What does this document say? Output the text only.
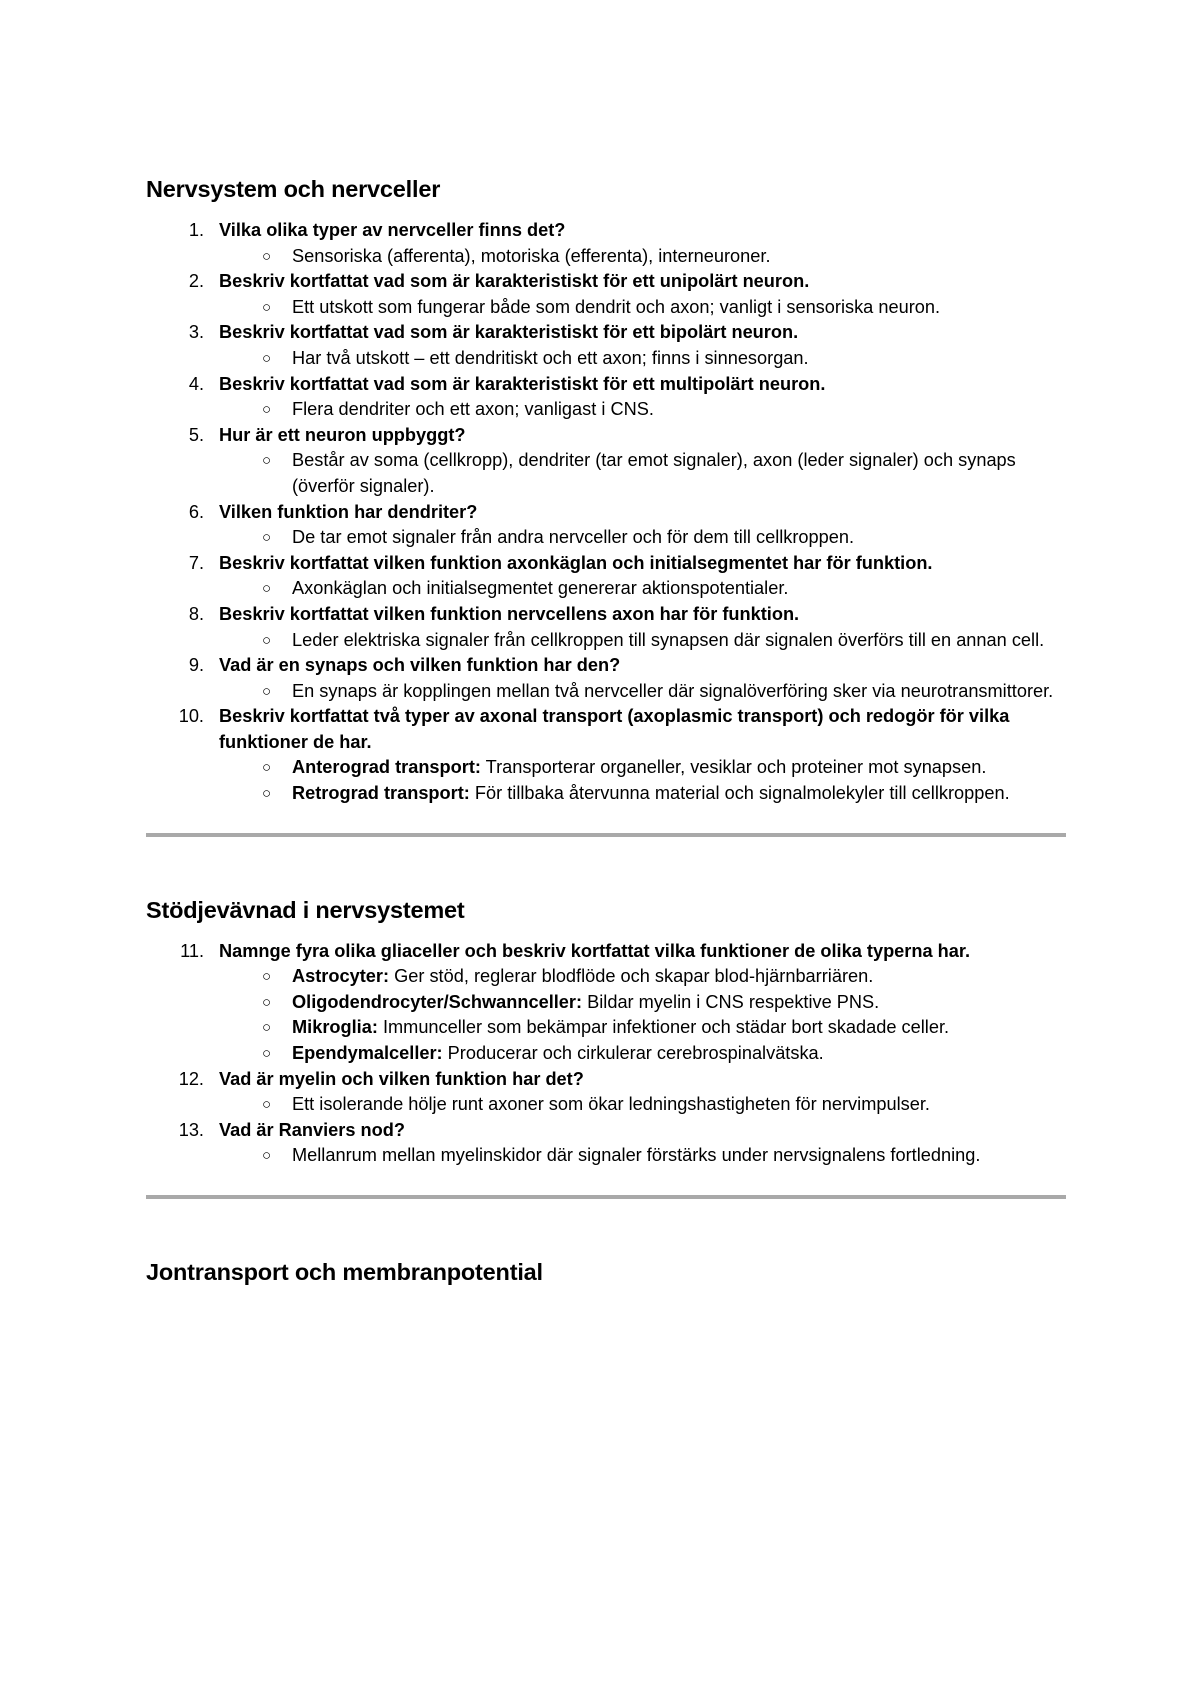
Nervsystem och nervceller
1. Vilka olika typer av nervceller finns det?
○ Sensoriska (afferenta), motoriska (efferenta), interneuroner.
2. Beskriv kortfattat vad som är karakteristiskt för ett unipolärt neuron.
○ Ett utskott som fungerar både som dendrit och axon; vanligt i sensoriska neuron.
3. Beskriv kortfattat vad som är karakteristiskt för ett bipolärt neuron.
○ Har två utskott – ett dendritiskt och ett axon; finns i sinnesorgan.
4. Beskriv kortfattat vad som är karakteristiskt för ett multipolärt neuron.
○ Flera dendriter och ett axon; vanligast i CNS.
5. Hur är ett neuron uppbyggt?
○ Består av soma (cellkropp), dendriter (tar emot signaler), axon (leder signaler) och synaps (överför signaler).
6. Vilken funktion har dendriter?
○ De tar emot signaler från andra nervceller och för dem till cellkroppen.
7. Beskriv kortfattat vilken funktion axonkäglan och initialsegmentet har för funktion.
○ Axonkäglan och initialsegmentet genererar aktionspotentialer.
8. Beskriv kortfattat vilken funktion nervcellens axon har för funktion.
○ Leder elektriska signaler från cellkroppen till synapsen där signalen överförs till en annan cell.
9. Vad är en synaps och vilken funktion har den?
○ En synaps är kopplingen mellan två nervceller där signalöverföring sker via neurotransmittorer.
10. Beskriv kortfattat två typer av axonal transport (axoplasmic transport) och redogör för vilka funktioner de har.
○ Anterograd transport: Transporterar organeller, vesiklar och proteiner mot synapsen.
○ Retrograd transport: För tillbaka återvunna material och signalmolekyler till cellkroppen.
Stödjevävnad i nervsystemet
11. Namnge fyra olika gliaceller och beskriv kortfattat vilka funktioner de olika typerna har.
○ Astrocyter: Ger stöd, reglerar blodflöde och skapar blod-hjärnbarriären.
○ Oligodendrocyter/Schwannceller: Bildar myelin i CNS respektive PNS.
○ Mikroglia: Immunceller som bekämpar infektioner och städar bort skadade celler.
○ Ependymalceller: Producerar och cirkulerar cerebrospinalvätska.
12. Vad är myelin och vilken funktion har det?
○ Ett isolerande hölje runt axoner som ökar ledningshastigheten för nervimpulser.
13. Vad är Ranviers nod?
○ Mellanrum mellan myelinskidor där signaler förstärks under nervsignalens fortledning.
Jontransport och membranpotential
